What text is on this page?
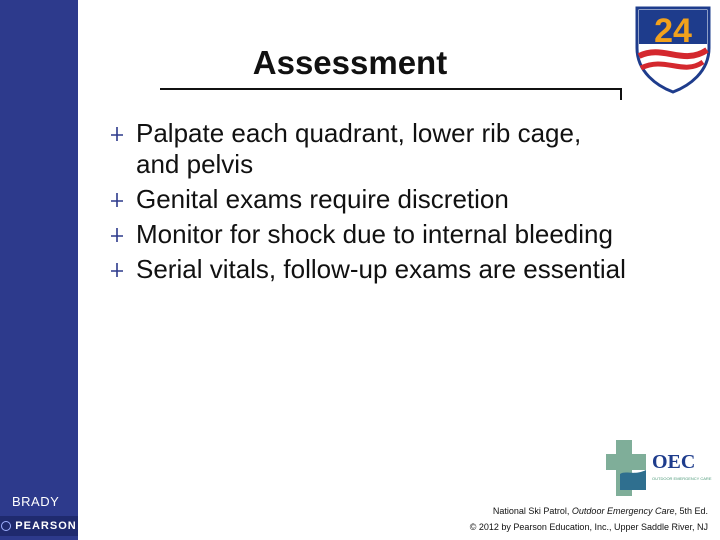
BRADY
PEARSON
Assessment
24
Palpate each quadrant, lower rib cage, and pelvis
Genital exams require discretion
Monitor for shock due to internal bleeding
Serial vitals, follow-up exams are essential
OEC
OUTDOOR EMERGENCY CARE
National Ski Patrol, Outdoor Emergency Care, 5th Ed.
© 2012 by Pearson Education, Inc., Upper Saddle River, NJ
